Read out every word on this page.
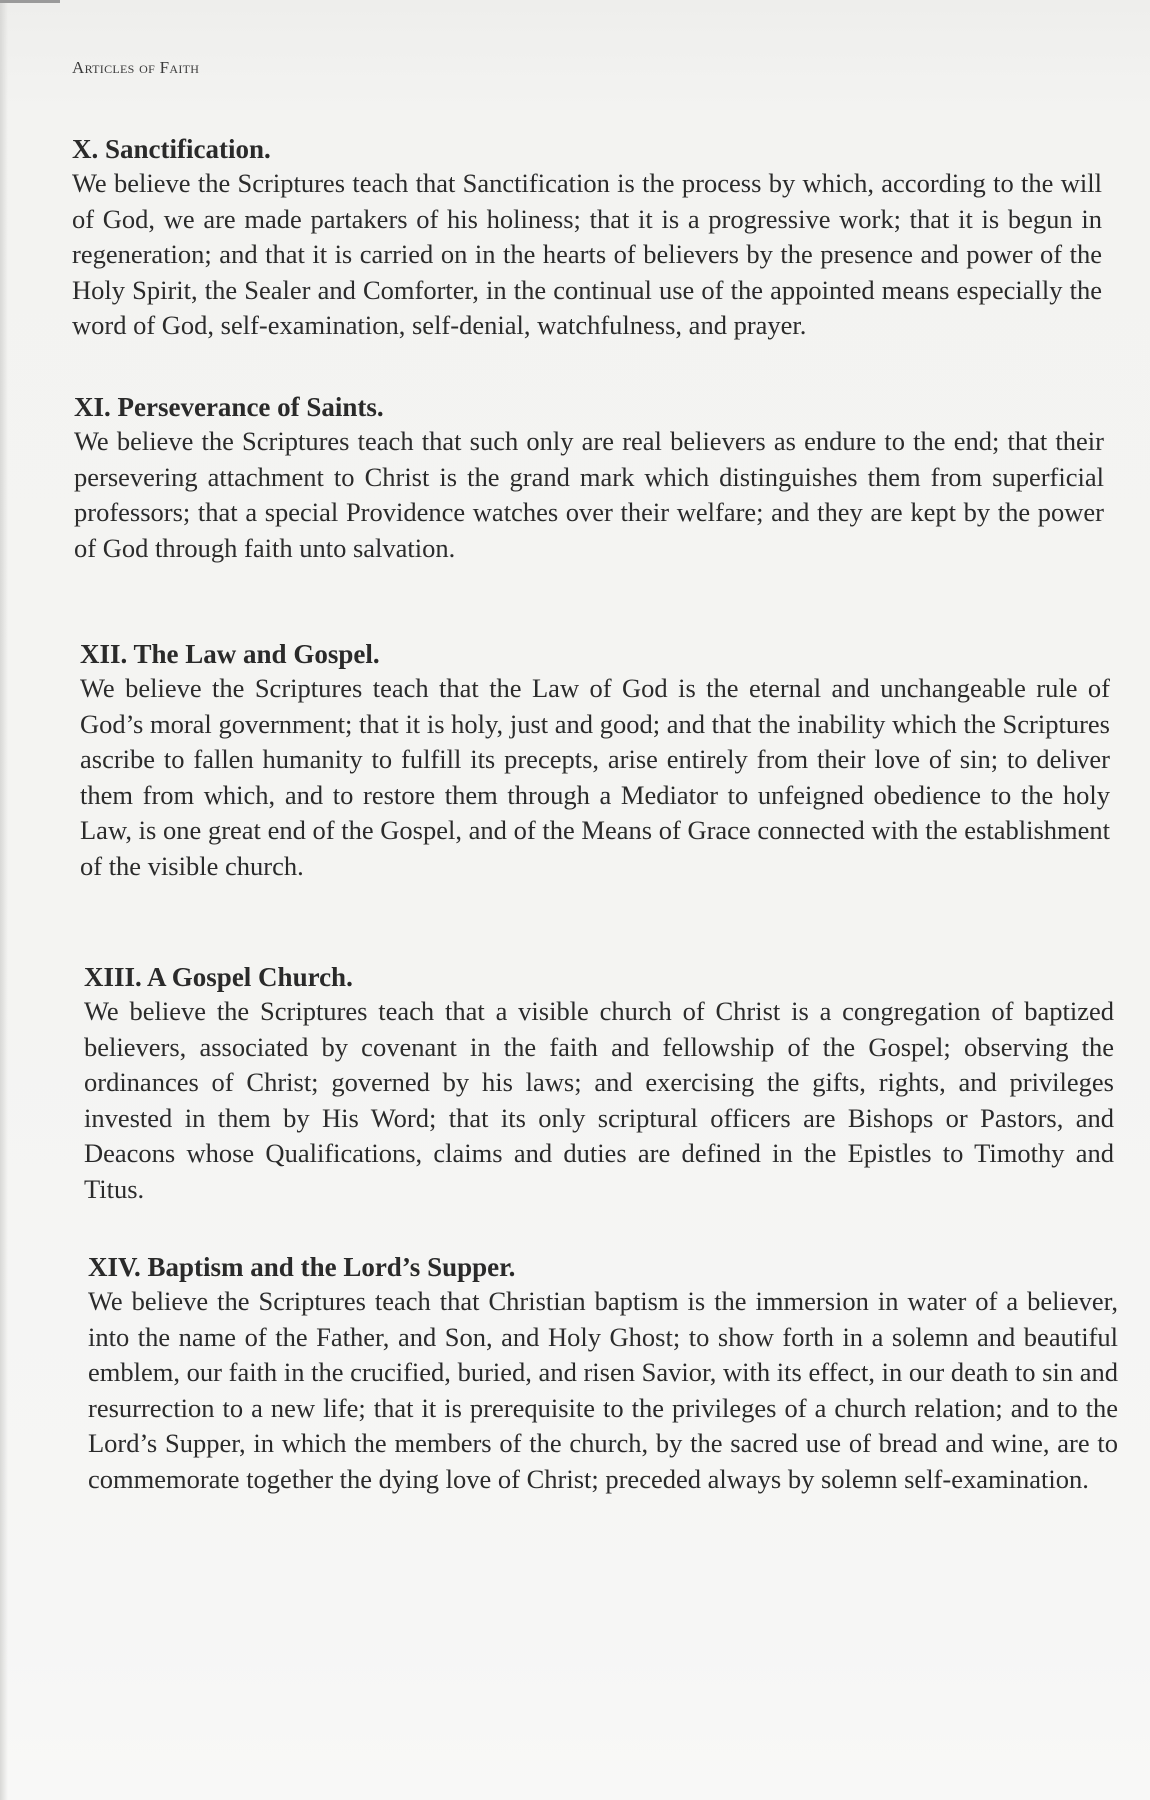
Articles of Faith
X. Sanctification.

We believe the Scriptures teach that Sanctification is the process by which, according to the will of God, we are made partakers of his holiness; that it is a progressive work; that it is begun in regeneration; and that it is carried on in the hearts of believers by the presence and power of the Holy Spirit, the Sealer and Comforter, in the continual use of the appointed means especially the word of God, self-examination, self-denial, watchfulness, and prayer.

XI. Perseverance of Saints.

We believe the Scriptures teach that such only are real believers as endure to the end; that their persevering attachment to Christ is the grand mark which distinguishes them from superficial professors; that a special Providence watches over their welfare; and they are kept by the power of God through faith unto salvation.

XII. The Law and Gospel.

We believe the Scriptures teach that the Law of God is the eternal and unchangeable rule of God’s moral government; that it is holy, just and good; and that the inability which the Scriptures ascribe to fallen humanity to fulfill its precepts, arise entirely from their love of sin; to deliver them from which, and to restore them through a Mediator to unfeigned obedience to the holy Law, is one great end of the Gospel, and of the Means of Grace connected with the establishment of the visible church.

XIII. A Gospel Church.

We believe the Scriptures teach that a visible church of Christ is a congregation of baptized believers, associated by covenant in the faith and fellowship of the Gospel; observing the ordinances of Christ; governed by his laws; and exercising the gifts, rights, and privileges invested in them by His Word; that its only scriptural officers are Bishops or Pastors, and Deacons whose Qualifications, claims and duties are defined in the Epistles to Timothy and Titus.

XIV. Baptism and the Lord’s Supper.

We believe the Scriptures teach that Christian baptism is the immersion in water of a believer, into the name of the Father, and Son, and Holy Ghost; to show forth in a solemn and beautiful emblem, our faith in the crucified, buried, and risen Savior, with its effect, in our death to sin and resurrection to a new life; that it is prerequisite to the privileges of a church relation; and to the Lord’s Supper, in which the members of the church, by the sacred use of bread and wine, are to commemorate together the dying love of Christ; preceded always by solemn self-examination.
